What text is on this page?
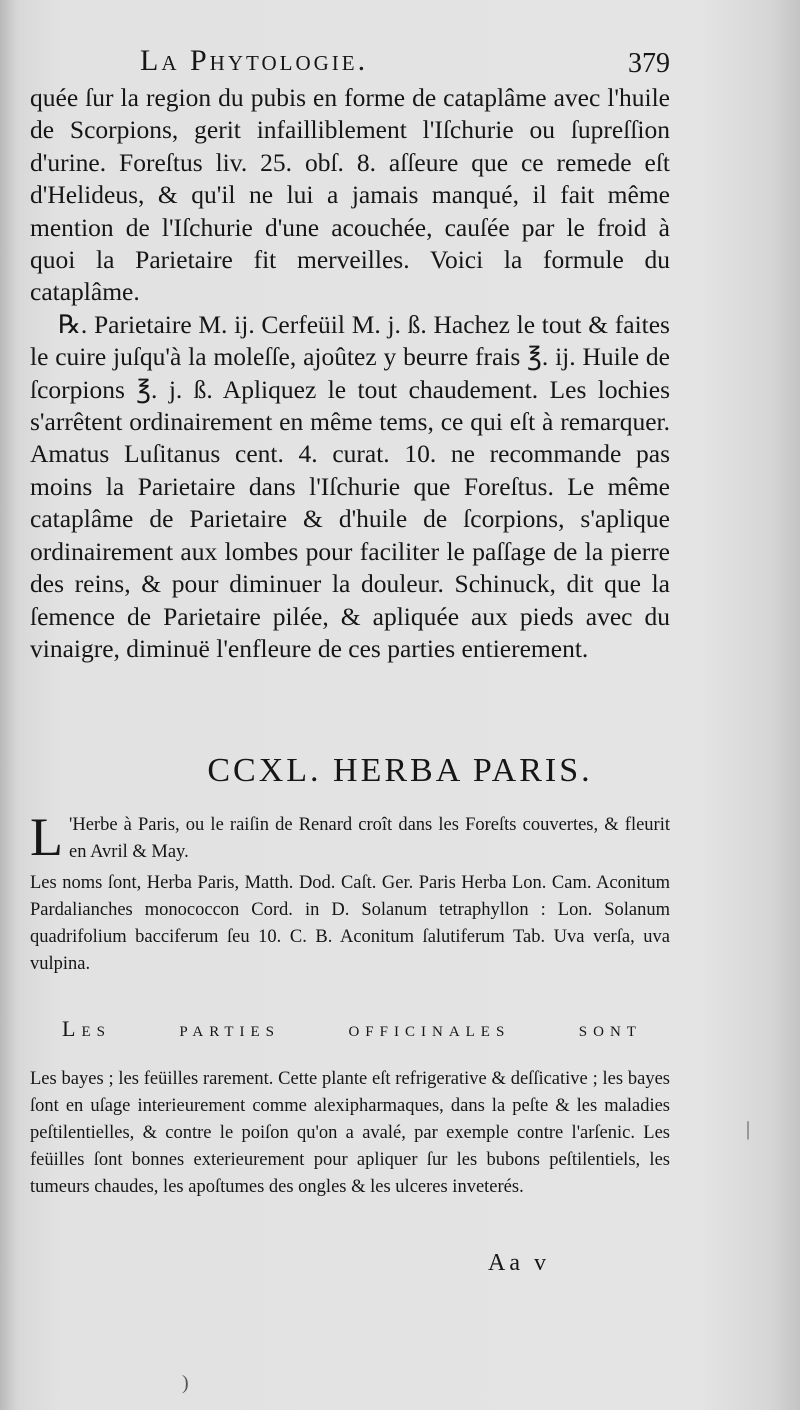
La Phytologie.	379

quée ſur la region du pubis en forme de cataplâme avec l'huile de Scorpions, gerit infailliblement l'Iſchurie ou ſupreſſion d'urine. Foreſtus liv. 25. obſ. 8. aſſeure que ce remede eſt d'Helideus, & qu'il ne lui a jamais manqué, il fait même mention de l'Iſchurie d'une acouchée, cauſée par le froid à quoi la Parietaire fit merveilles. Voici la formule du cataplâme.

℞. Parietaire M. ij. Cerfeüil M. j. ß. Hachez le tout & faites le cuire juſqu'à la moleſſe, ajoûtez y beurre frais ℥. ij. Huile de ſcorpions ℥. j. ß. Apliquez le tout chaudement. Les lochies s'arrêtent ordinairement en même tems, ce qui eſt à remarquer. Amatus Luſitanus cent. 4. curat. 10. ne recommande pas moins la Parietaire dans l'Iſchurie que Foreſtus. Le même cataplâme de Parietaire & d'huile de ſcorpions, s'aplique ordinairement aux lombes pour faciliter le paſſage de la pierre des reins, & pour diminuer la douleur. Schinuck, dit que la ſemence de Parietaire pilée, & apliquée aux pieds avec du vinaigre, diminuë l'enfleure de ces parties entierement.

CCXL. HERBA PARIS.

L 'Herbe à Paris, ou le raiſin de Renard croît dans les Foreſts couvertes, & fleurit en Avril & May.

Les noms ſont, Herba Paris, Matth. Dod. Caſt. Ger. Paris Herba Lon. Cam. Aconitum Pardalianches monococcon Cord. in D. Solanum tetraphyllon : Lon. Solanum quadrifolium bacciferum ſeu 10. C. B. Aconitum ſalutiferum Tab. Uva verſa, uva vulpina.

Les	parties	officinales	sont
Les bayes ; les feüilles rarement. Cette plante eſt refrigerative & deſſicative ; les bayes ſont en uſage interieurement comme alexipharmaques, dans la peſte & les maladies peſtilentielles, & contre le poiſon qu'on a avalé, par exemple contre l'arſenic. Les feüilles ſont bonnes exterieurement pour apliquer ſur les bubons peſtilentiels, les tumeurs chaudes, les apoſtumes des ongles & les ulceres inveterés.
Aa v
|
)
